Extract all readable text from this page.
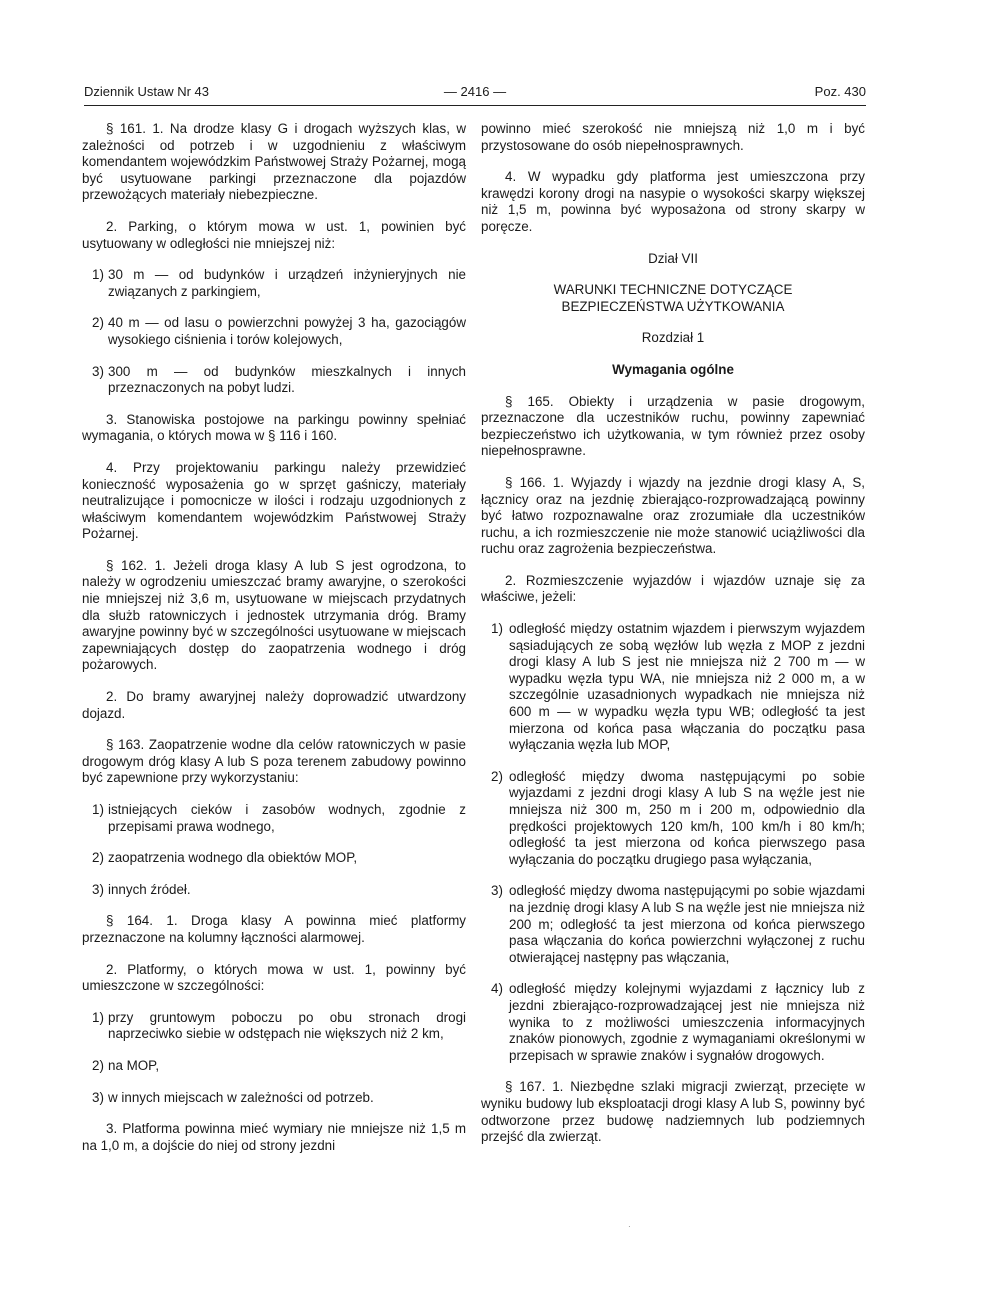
Dziennik Ustaw Nr 43	— 2416 —	Poz. 430

§ 161. 1. Na drodze klasy G i drogach wyższych klas, w zależności od potrzeb i w uzgodnieniu z właściwym komendantem wojewódzkim Państwowej Straży Pożarnej, mogą być usytuowane parkingi przeznaczone dla pojazdów przewożących materiały niebezpieczne.

2. Parking, o którym mowa w ust. 1, powinien być usytuowany w odległości nie mniejszej niż:

1) 30 m — od budynków i urządzeń inżynieryjnych nie związanych z parkingiem,
2) 40 m — od lasu o powierzchni powyżej 3 ha, gazociągów wysokiego ciśnienia i torów kolejowych,
3) 300 m — od budynków mieszkalnych i innych przeznaczonych na pobyt ludzi.

3. Stanowiska postojowe na parkingu powinny spełniać wymagania, o których mowa w § 116 i 160.

4. Przy projektowaniu parkingu należy przewidzieć konieczność wyposażenia go w sprzęt gaśniczy, materiały neutralizujące i pomocnicze w ilości i rodzaju uzgodnionych z właściwym komendantem wojewódzkim Państwowej Straży Pożarnej.

§ 162. 1. Jeżeli droga klasy A lub S jest ogrodzona, to należy w ogrodzeniu umieszczać bramy awaryjne, o szerokości nie mniejszej niż 3,6 m, usytuowane w miejscach przydatnych dla służb ratowniczych i jednostek utrzymania dróg. Bramy awaryjne powinny być w szczególności usytuowane w miejscach zapewniających dostęp do zaopatrzenia wodnego i dróg pożarowych.

2. Do bramy awaryjnej należy doprowadzić utwardzony dojazd.

§ 163. Zaopatrzenie wodne dla celów ratowniczych w pasie drogowym dróg klasy A lub S poza terenem zabudowy powinno być zapewnione przy wykorzystaniu:

1) istniejących cieków i zasobów wodnych, zgodnie z przepisami prawa wodnego,
2) zaopatrzenia wodnego dla obiektów MOP,
3) innych źródeł.

§ 164. 1. Droga klasy A powinna mieć platformy przeznaczone na kolumny łączności alarmowej.

2. Platformy, o których mowa w ust. 1, powinny być umieszczone w szczególności:

1) przy gruntowym poboczu po obu stronach drogi naprzeciwko siebie w odstępach nie większych niż 2 km,
2) na MOP,
3) w innych miejscach w zależności od potrzeb.

3. Platforma powinna mieć wymiary nie mniejsze niż 1,5 m na 1,0 m, a dojście do niej od strony jezdni

powinno mieć szerokość nie mniejszą niż 1,0 m i być przystosowane do osób niepełnosprawnych.

4. W wypadku gdy platforma jest umieszczona przy krawędzi korony drogi na nasypie o wysokości skarpy większej niż 1,5 m, powinna być wyposażona od strony skarpy w poręcze.

Dział VII

WARUNKI TECHNICZNE DOTYCZĄCE

BEZPIECZEŃSTWA UŻYTKOWANIA

Rozdział 1

Wymagania ogólne

§ 165. Obiekty i urządzenia w pasie drogowym, przeznaczone dla uczestników ruchu, powinny zapewniać bezpieczeństwo ich użytkowania, w tym również przez osoby niepełnosprawne.

§ 166. 1. Wyjazdy i wjazdy na jezdnie drogi klasy A, S, łącznicy oraz na jezdnię zbierająco-rozprowadzającą powinny być łatwo rozpoznawalne oraz zrozumiałe dla uczestników ruchu, a ich rozmieszczenie nie może stanowić uciążliwości dla ruchu oraz zagrożenia bezpieczeństwa.

2. Rozmieszczenie wyjazdów i wjazdów uznaje się za właściwe, jeżeli:

1) odległość między ostatnim wjazdem i pierwszym wyjazdem sąsiadujących ze sobą węzłów lub węzła z MOP z jezdni drogi klasy A lub S jest nie mniejsza niż 2 700 m — w wypadku węzła typu WA, nie mniejsza niż 2 000 m, a w szczególnie uzasadnionych wypadkach nie mniejsza niż 600 m — w wypadku węzła typu WB; odległość ta jest mierzona od końca pasa włączania do początku pasa wyłączania węzła lub MOP,
2) odległość między dwoma następującymi po sobie wyjazdami z jezdni drogi klasy A lub S na węźle jest nie mniejsza niż 300 m, 250 m i 200 m, odpowiednio dla prędkości projektowych 120 km/h, 100 km/h i 80 km/h; odległość ta jest mierzona od końca pierwszego pasa wyłączania do początku drugiego pasa wyłączania,
3) odległość między dwoma następującymi po sobie wjazdami na jezdnię drogi klasy A lub S na węźle jest nie mniejsza niż 200 m; odległość ta jest mierzona od końca pierwszego pasa włączania do końca powierzchni wyłączonej z ruchu otwierającej następny pas włączania,
4) odległość między kolejnymi wyjazdami z łącznicy lub z jezdni zbierająco-rozprowadzającej jest nie mniejsza niż wynika to z możliwości umieszczenia informacyjnych znaków pionowych, zgodnie z wymaganiami określonymi w przepisach w sprawie znaków i sygnałów drogowych.

§ 167. 1. Niezbędne szlaki migracji zwierząt, przecięte w wyniku budowy lub eksploatacji drogi klasy A lub S, powinny być odtworzone przez budowę nadziemnych lub podziemnych przejść dla zwierząt.

·
